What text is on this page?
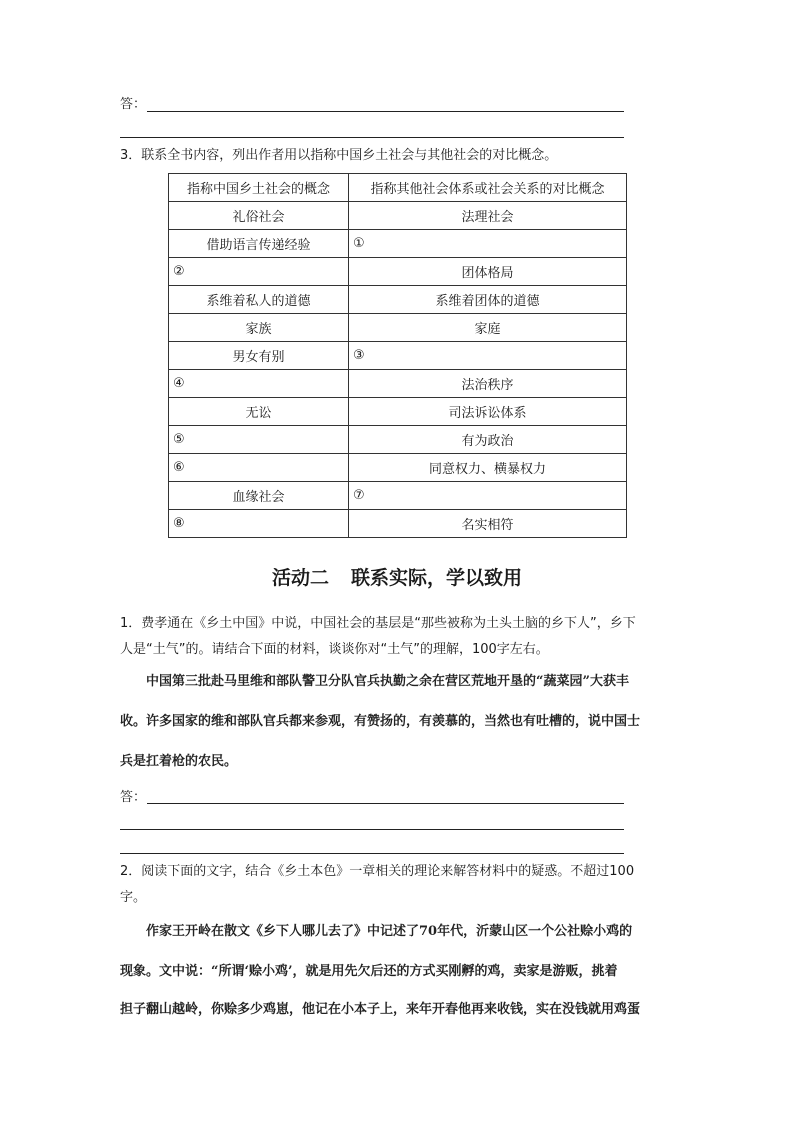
答：
3．联系全书内容，列出作者用以指称中国乡土社会与其他社会的对比概念。
指称中国乡土社会的概念	指称其他社会体系或社会关系的对比概念
礼俗社会	法理社会
借助语言传递经验	①
②	团体格局
系维着私人的道德	系维着团体的道德
家族	家庭
男女有别	③
④	法治秩序
无讼	司法诉讼体系
⑤	有为政治
⑥	同意权力、横暴权力
血缘社会	⑦
⑧	名实相符
活动二 联系实际，学以致用
1．费孝通在《乡土中国》中说，中国社会的基层是“那些被称为土头土脑的乡下人”，乡下
人是“土气”的。请结合下面的材料，谈谈你对“土气”的理解，100字左右。
中国第三批赴马里维和部队警卫分队官兵执勤之余在营区荒地开垦的“蔬菜园”大获丰
收。许多国家的维和部队官兵都来参观，有赞扬的，有羡慕的，当然也有吐槽的，说中国士
兵是扛着枪的农民。
答：
2．阅读下面的文字，结合《乡土本色》一章相关的理论来解答材料中的疑惑。不超过100
字。
作家王开岭在散文《乡下人哪儿去了》中记述了70年代，沂蒙山区一个公社赊小鸡的
现象。文中说：“所谓‘赊小鸡’，就是用先欠后还的方式买刚孵的鸡，卖家是游贩，挑着
担子翻山越岭，你赊多少鸡崽，他记在小本子上，来年开春他再来收钱，实在没钱就用鸡蛋
